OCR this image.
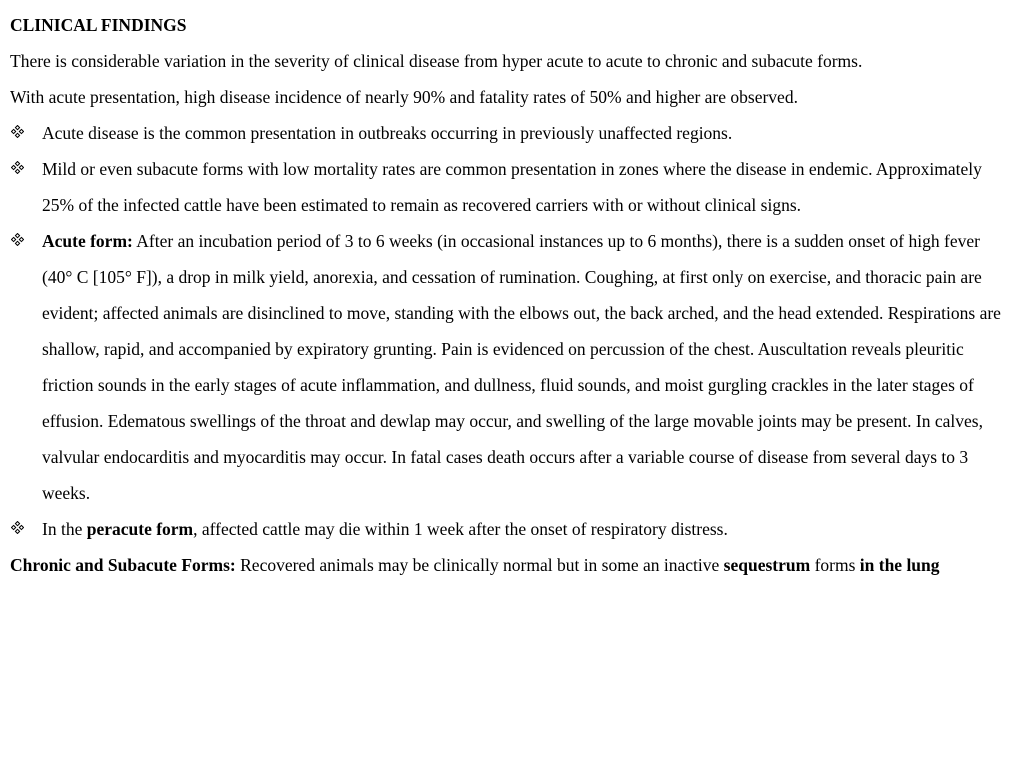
CLINICAL FINDINGS

There is considerable variation in the severity of clinical disease from hyper acute to acute to chronic and subacute forms.
With acute presentation, high disease incidence of nearly 90% and fatality rates of 50% and higher are observed.

Acute disease is the common presentation in outbreaks occurring in previously unaffected regions.
Mild or even subacute forms with low mortality rates are common presentation in zones where the disease in endemic. Approximately 25% of the infected cattle have been estimated to remain as recovered carriers with or without clinical signs.
Acute form: After an incubation period of 3 to 6 weeks (in occasional instances up to 6 months), there is a sudden onset of high fever (40° C [105° F]), a drop in milk yield, anorexia, and cessation of rumination. Coughing, at first only on exercise, and thoracic pain are evident; affected animals are disinclined to move, standing with the elbows out, the back arched, and the head extended. Respirations are shallow, rapid, and accompanied by expiratory grunting. Pain is evidenced on percussion of the chest. Auscultation reveals pleuritic friction sounds in the early stages of acute inflammation, and dullness, fluid sounds, and moist gurgling crackles in the later stages of effusion. Edematous swellings of the throat and dewlap may occur, and swelling of the large movable joints may be present. In calves, valvular endocarditis and myocarditis may occur. In fatal cases death occurs after a variable course of disease from several days to 3 weeks.
In the peracute form, affected cattle may die within 1 week after the onset of respiratory distress.

Chronic and Subacute Forms: Recovered animals may be clinically normal but in some an inactive sequestrum forms in the lung
